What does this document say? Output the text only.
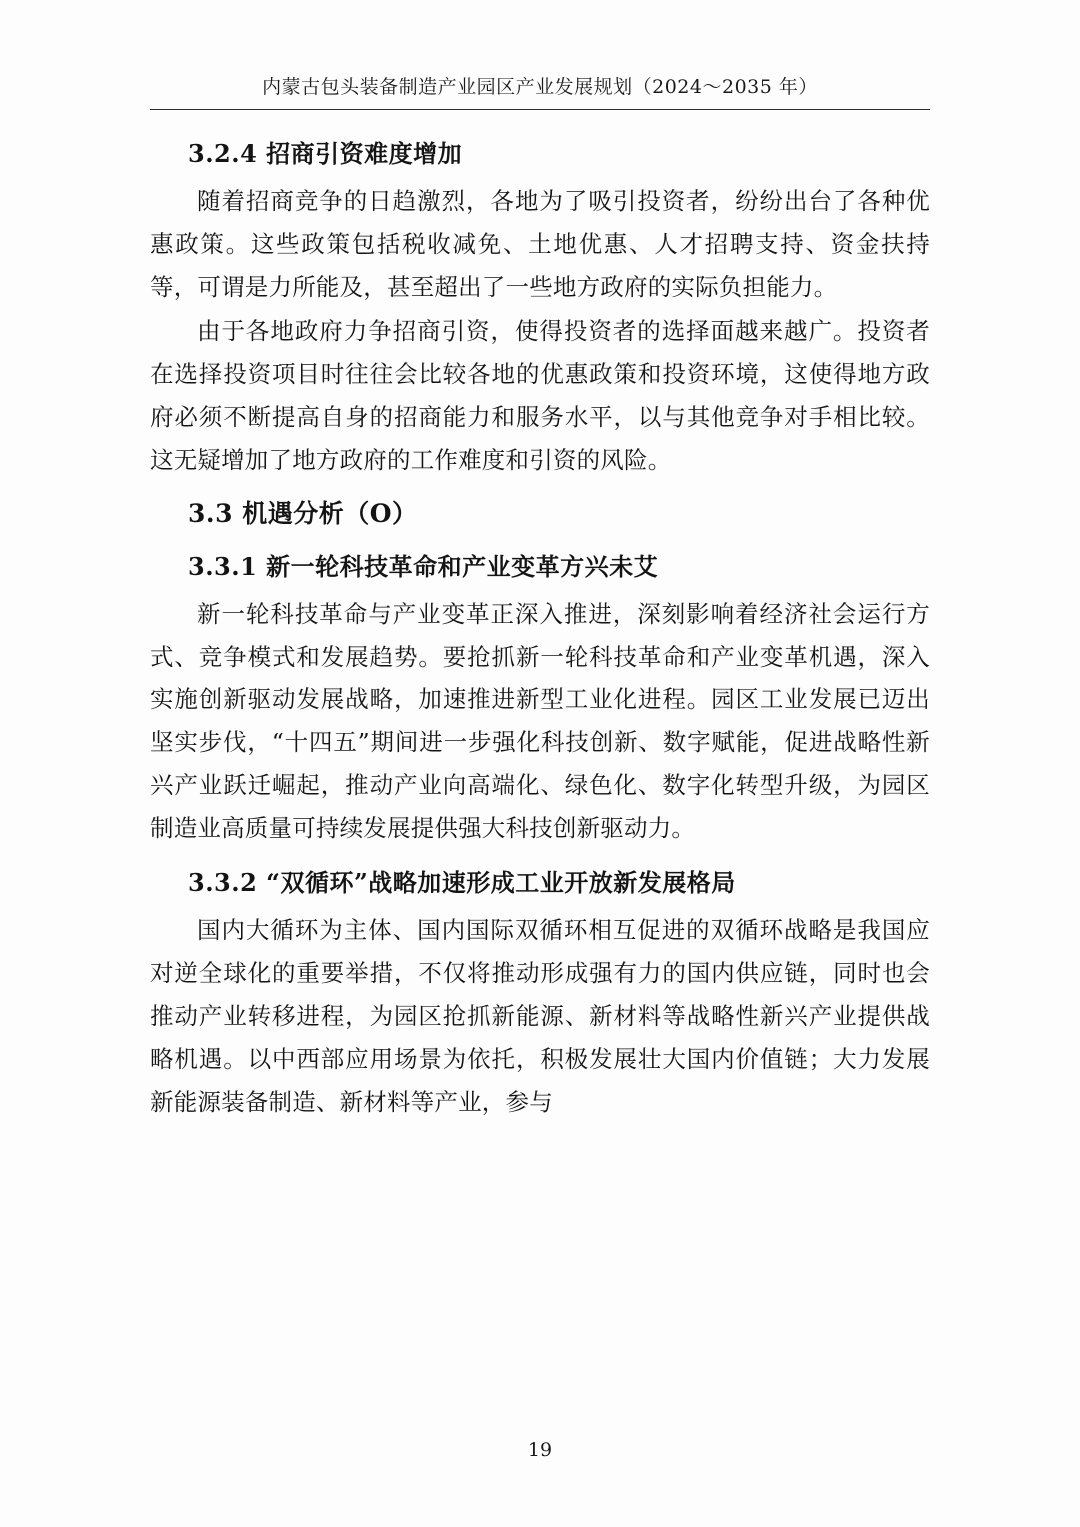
内蒙古包头装备制造产业园区产业发展规划（2024～2035 年）
3.2.4 招商引资难度增加

随着招商竞争的日趋激烈，各地为了吸引投资者，纷纷出台了各种优惠政策。这些政策包括税收减免、土地优惠、人才招聘支持、资金扶持等，可谓是力所能及，甚至超出了一些地方政府的实际负担能力。

由于各地政府力争招商引资，使得投资者的选择面越来越广。投资者在选择投资项目时往往会比较各地的优惠政策和投资环境，这使得地方政府必须不断提高自身的招商能力和服务水平，以与其他竞争对手相比较。这无疑增加了地方政府的工作难度和引资的风险。

3.3 机遇分析（O）
3.3.1 新一轮科技革命和产业变革方兴未艾

新一轮科技革命与产业变革正深入推进，深刻影响着经济社会运行方式、竞争模式和发展趋势。要抢抓新一轮科技革命和产业变革机遇，深入实施创新驱动发展战略，加速推进新型工业化进程。园区工业发展已迈出坚实步伐，“十四五”期间进一步强化科技创新、数字赋能，促进战略性新兴产业跃迁崛起，推动产业向高端化、绿色化、数字化转型升级，为园区制造业高质量可持续发展提供强大科技创新驱动力。

3.3.2 “双循环”战略加速形成工业开放新发展格局

国内大循环为主体、国内国际双循环相互促进的双循环战略是我国应对逆全球化的重要举措，不仅将推动形成强有力的国内供应链，同时也会推动产业转移进程，为园区抢抓新能源、新材料等战略性新兴产业提供战略机遇。以中西部应用场景为依托，积极发展壮大国内价值链；大力发展新能源装备制造、新材料等产业，参与

19
